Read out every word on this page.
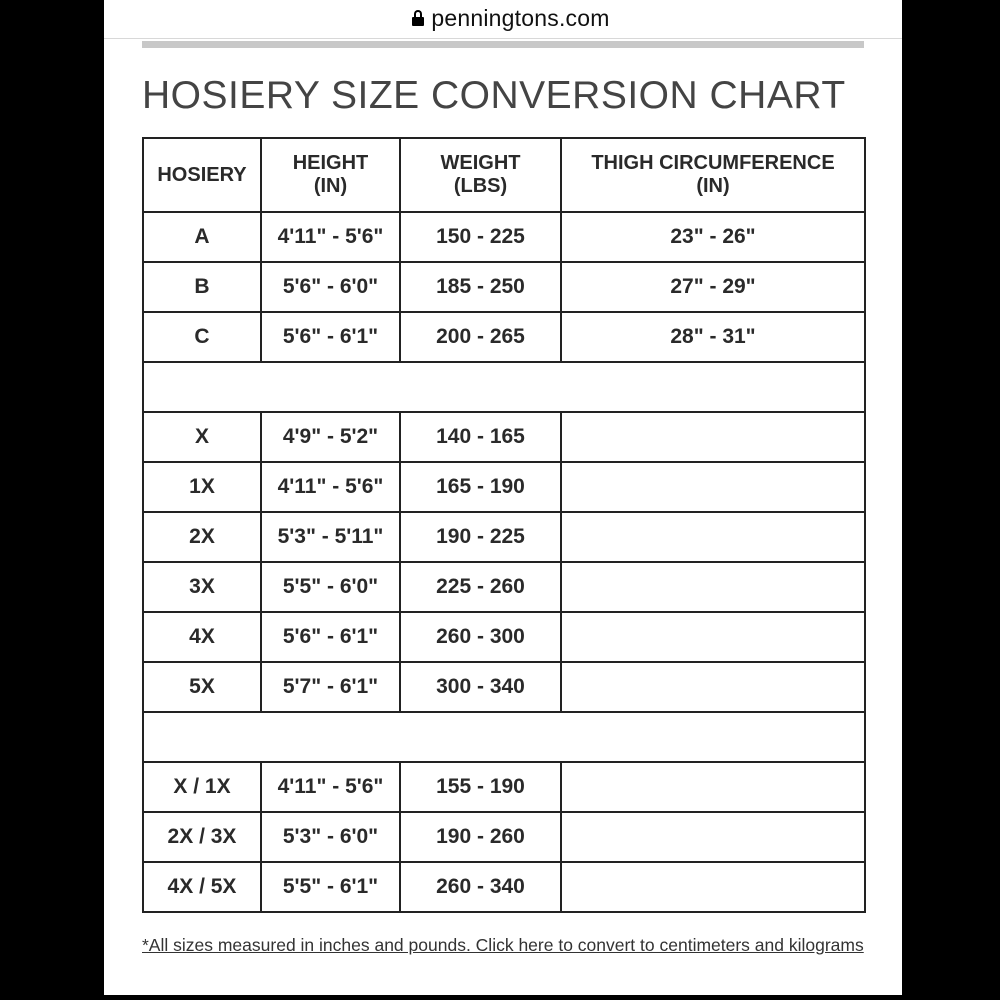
penningtons.com
HOSIERY SIZE CONVERSION CHART
HOSIERY	HEIGHT (IN)	WEIGHT (LBS)	THIGH CIRCUMFERENCE (IN)
A	4'11" - 5'6"	150 - 225	23" - 26"
B	5'6" - 6'0"	185 - 250	27" - 29"
C	5'6" - 6'1"	200 - 265	28" - 31"

X	4'9" - 5'2"	140 - 165	
1X	4'11" - 5'6"	165 - 190	
2X	5'3" - 5'11"	190 - 225	
3X	5'5" - 6'0"	225 - 260	
4X	5'6" - 6'1"	260 - 300	
5X	5'7" - 6'1"	300 - 340	

X / 1X	4'11" - 5'6"	155 - 190	
2X / 3X	5'3" - 6'0"	190 - 260	
4X / 5X	5'5" - 6'1"	260 - 340	
*All sizes measured in inches and pounds. Click here to convert to centimeters and kilograms
